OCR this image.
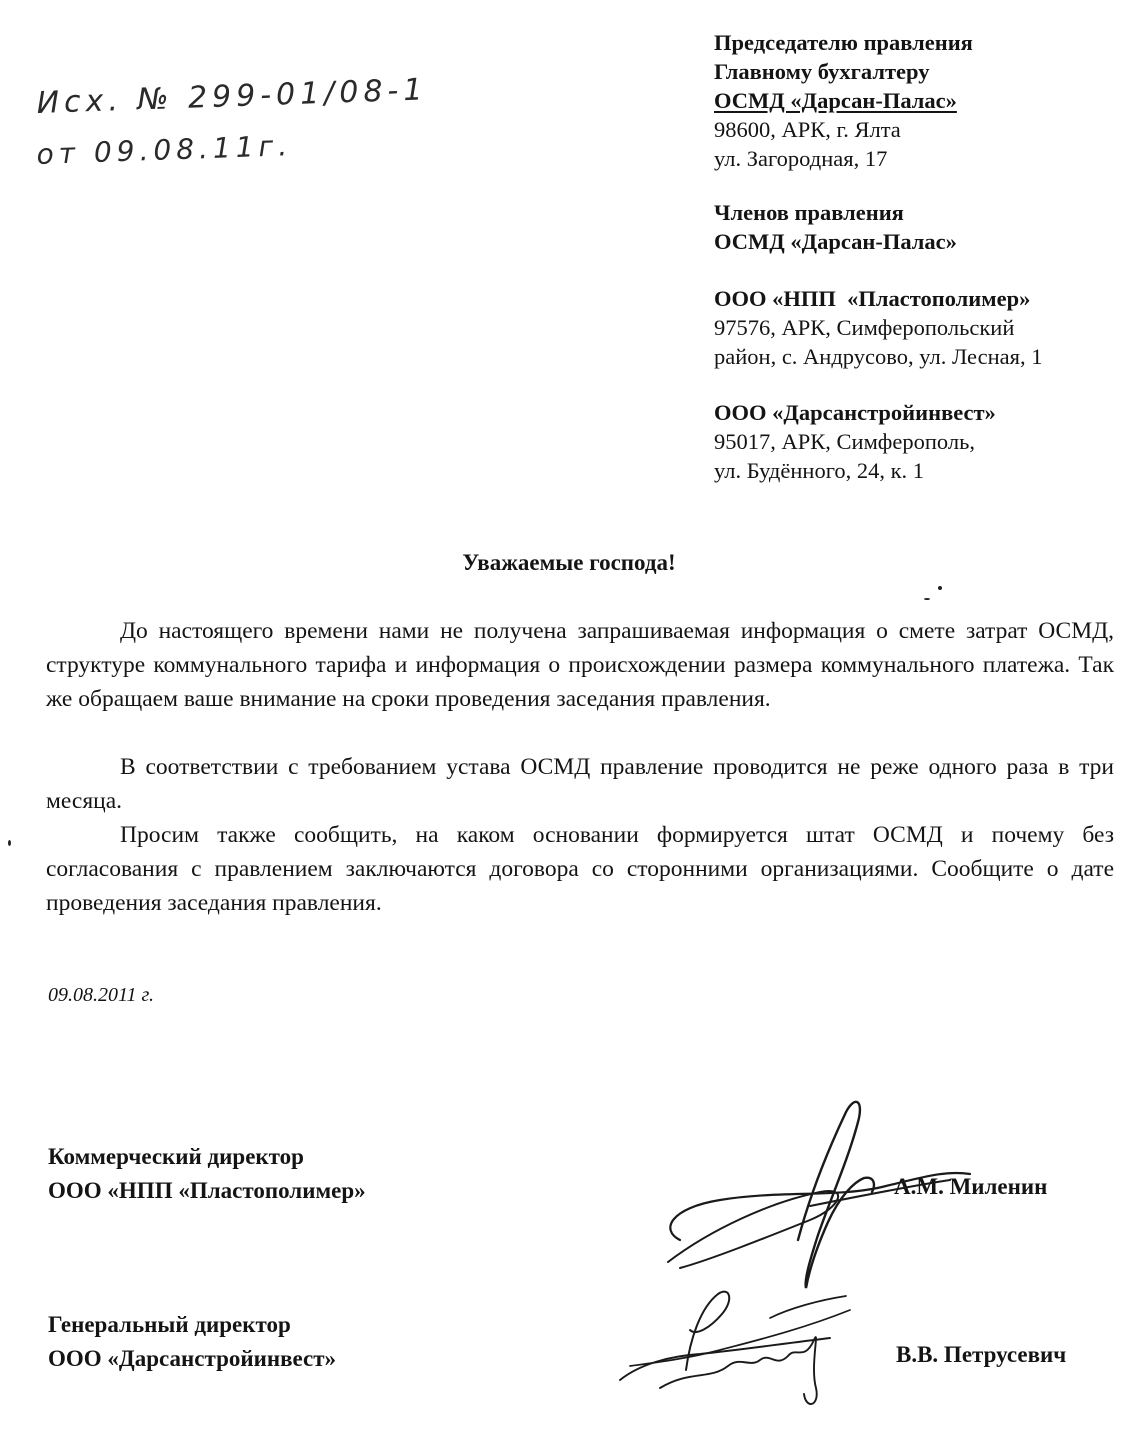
Исх. № 299-01/08-1
от 09.08.11г.
Председателю правления
Главному бухгалтеру
ОСМД «Дарсан-Палас»
98600, АРК, г. Ялта
ул. Загородная, 17
Членов правления
ОСМД «Дарсан-Палас»
ООО «НПП  «Пластополимер»
97576, АРК, Симферопольский
район, с. Андрусово, ул. Лесная, 1
ООО «Дарсанстройинвест»
95017, АРК, Симферополь,
ул. Будённого, 24, к. 1
Уважаемые господа!

До настоящего времени нами не получена запрашиваемая информация о смете затрат ОСМД, структуре коммунального тарифа и информация о происхождении размера коммунального платежа. Так же обращаем ваше внимание на сроки проведения заседания правления.

В соответствии с требованием устава ОСМД правление проводится не реже одного раза в три месяца.

Просим также сообщить, на каком основании формируется штат ОСМД и почему без согласования с правлением заключаются договора со сторонними организациями. Сообщите о дате проведения заседания правления.

09.08.2011 г.
Коммерческий директор
ООО «НПП «Пластополимер»	А.М. Миленин
Генеральный директор
ООО «Дарсанстройинвест»	В.В. Петрусевич
